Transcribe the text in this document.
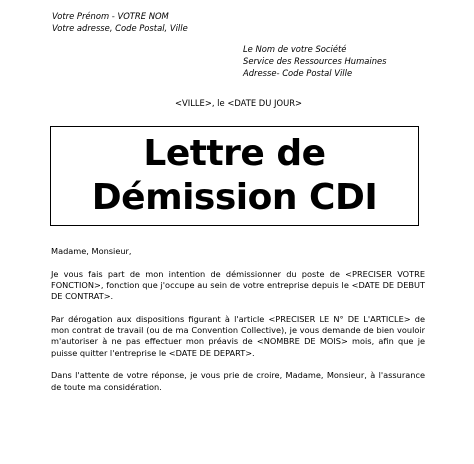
Votre Prénom - VOTRE NOM
Votre adresse, Code Postal, Ville
Le Nom de votre Société
Service des Ressources Humaines
Adresse- Code Postal Ville
<VILLE>, le <DATE DU JOUR>
Lettre de
Démission CDI

Madame, Monsieur,

Je vous fais part de mon intention de démissionner du poste de <PRECISER VOTRE FONCTION>, fonction que j'occupe au sein de votre entreprise depuis le <DATE DE DEBUT DE CONTRAT>.

Par dérogation aux dispositions figurant à l'article <PRECISER LE N° DE L'ARTICLE> de mon contrat de travail (ou de ma Convention Collective), je vous demande de bien vouloir m'autoriser à ne pas effectuer mon préavis de <NOMBRE DE MOIS> mois, afin que je puisse quitter l'entreprise le <DATE DE DEPART>.

Dans l'attente de votre réponse, je vous prie de croire, Madame, Monsieur, à l'assurance de toute ma considération.
